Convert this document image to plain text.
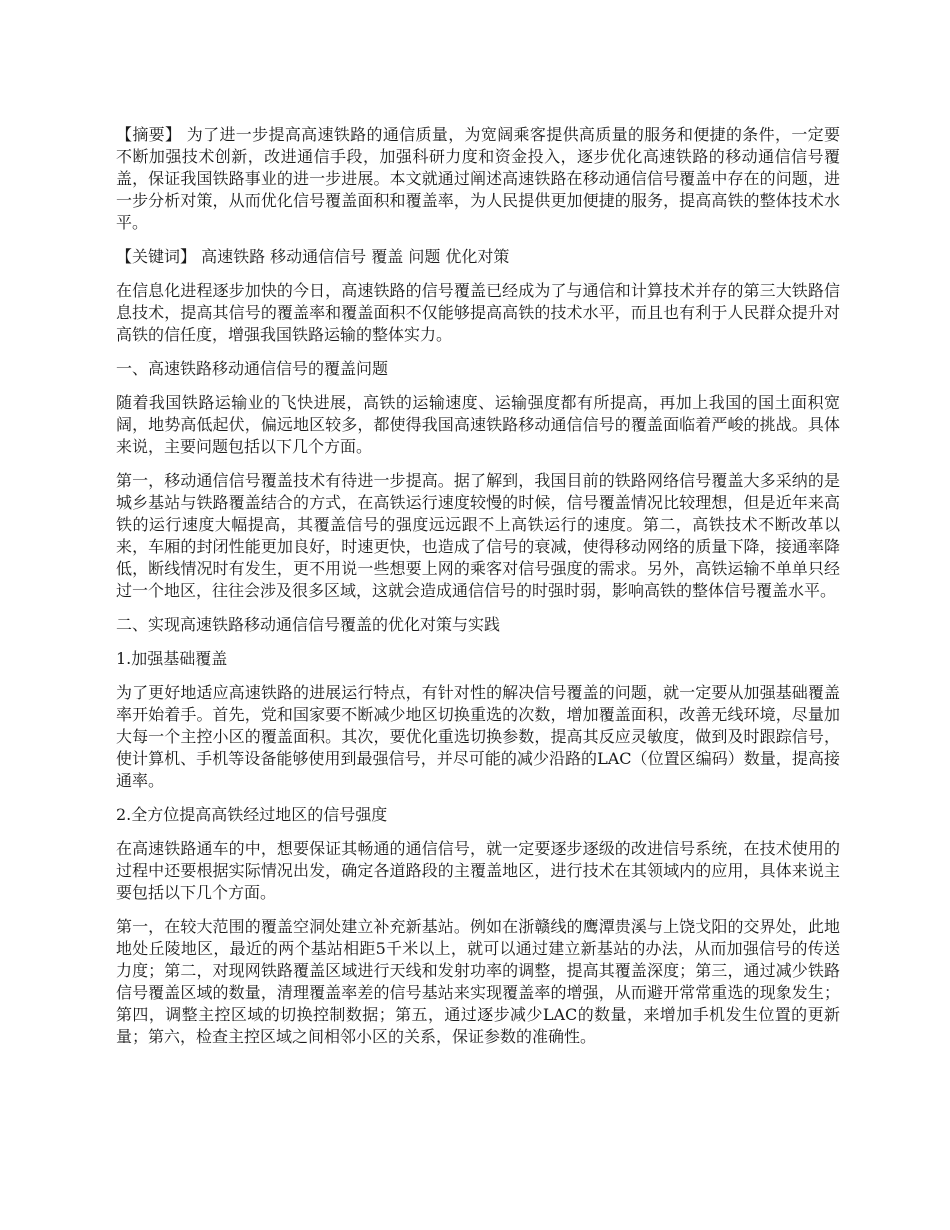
【摘要】 为了进一步提高高速铁路的通信质量，为宽阔乘客提供高质量的服务和便捷的条件，一定要不断加强技术创新，改进通信手段，加强科研力度和资金投入，逐步优化高速铁路的移动通信信号覆盖，保证我国铁路事业的进一步进展。本文就通过阐述高速铁路在移动通信信号覆盖中存在的问题，进一步分析对策，从而优化信号覆盖面积和覆盖率，为人民提供更加便捷的服务，提高高铁的整体技术水平。

【关键词】 高速铁路 移动通信信号 覆盖 问题 优化对策

在信息化进程逐步加快的今日，高速铁路的信号覆盖已经成为了与通信和计算技术并存的第三大铁路信息技术，提高其信号的覆盖率和覆盖面积不仅能够提高高铁的技术水平，而且也有利于人民群众提升对高铁的信任度，增强我国铁路运输的整体实力。

一、高速铁路移动通信信号的覆盖问题

随着我国铁路运输业的飞快进展，高铁的运输速度、运输强度都有所提高，再加上我国的国土面积宽阔，地势高低起伏，偏远地区较多，都使得我国高速铁路移动通信信号的覆盖面临着严峻的挑战。具体来说，主要问题包括以下几个方面。

第一，移动通信信号覆盖技术有待进一步提高。据了解到，我国目前的铁路网络信号覆盖大多采纳的是城乡基站与铁路覆盖结合的方式，在高铁运行速度较慢的时候，信号覆盖情况比较理想，但是近年来高铁的运行速度大幅提高，其覆盖信号的强度远远跟不上高铁运行的速度。第二，高铁技术不断改革以来，车厢的封闭性能更加良好，时速更快，也造成了信号的衰减，使得移动网络的质量下降，接通率降低，断线情况时有发生，更不用说一些想要上网的乘客对信号强度的需求。另外，高铁运输不单单只经过一个地区，往往会涉及很多区域，这就会造成通信信号的时强时弱，影响高铁的整体信号覆盖水平。

二、实现高速铁路移动通信信号覆盖的优化对策与实践

1.加强基础覆盖

为了更好地适应高速铁路的进展运行特点，有针对性的解决信号覆盖的问题，就一定要从加强基础覆盖率开始着手。首先，党和国家要不断减少地区切换重选的次数，增加覆盖面积，改善无线环境，尽量加大每一个主控小区的覆盖面积。其次，要优化重选切换参数，提高其反应灵敏度，做到及时跟踪信号，使计算机、手机等设备能够使用到最强信号，并尽可能的减少沿路的LAC（位置区编码）数量，提高接通率。

2.全方位提高高铁经过地区的信号强度

在高速铁路通车的中，想要保证其畅通的通信信号，就一定要逐步逐级的改进信号系统，在技术使用的过程中还要根据实际情况出发，确定各道路段的主覆盖地区，进行技术在其领域内的应用，具体来说主要包括以下几个方面。

第一，在较大范围的覆盖空洞处建立补充新基站。例如在浙赣线的鹰潭贵溪与上饶戈阳的交界处，此地地处丘陵地区，最近的两个基站相距5千米以上，就可以通过建立新基站的办法，从而加强信号的传送力度；第二，对现网铁路覆盖区域进行天线和发射功率的调整，提高其覆盖深度；第三，通过减少铁路信号覆盖区域的数量，清理覆盖率差的信号基站来实现覆盖率的增强，从而避开常常重选的现象发生；第四，调整主控区域的切换控制数据；第五，通过逐步减少LAC的数量，来增加手机发生位置的更新量；第六，检查主控区域之间相邻小区的关系，保证参数的准确性。
